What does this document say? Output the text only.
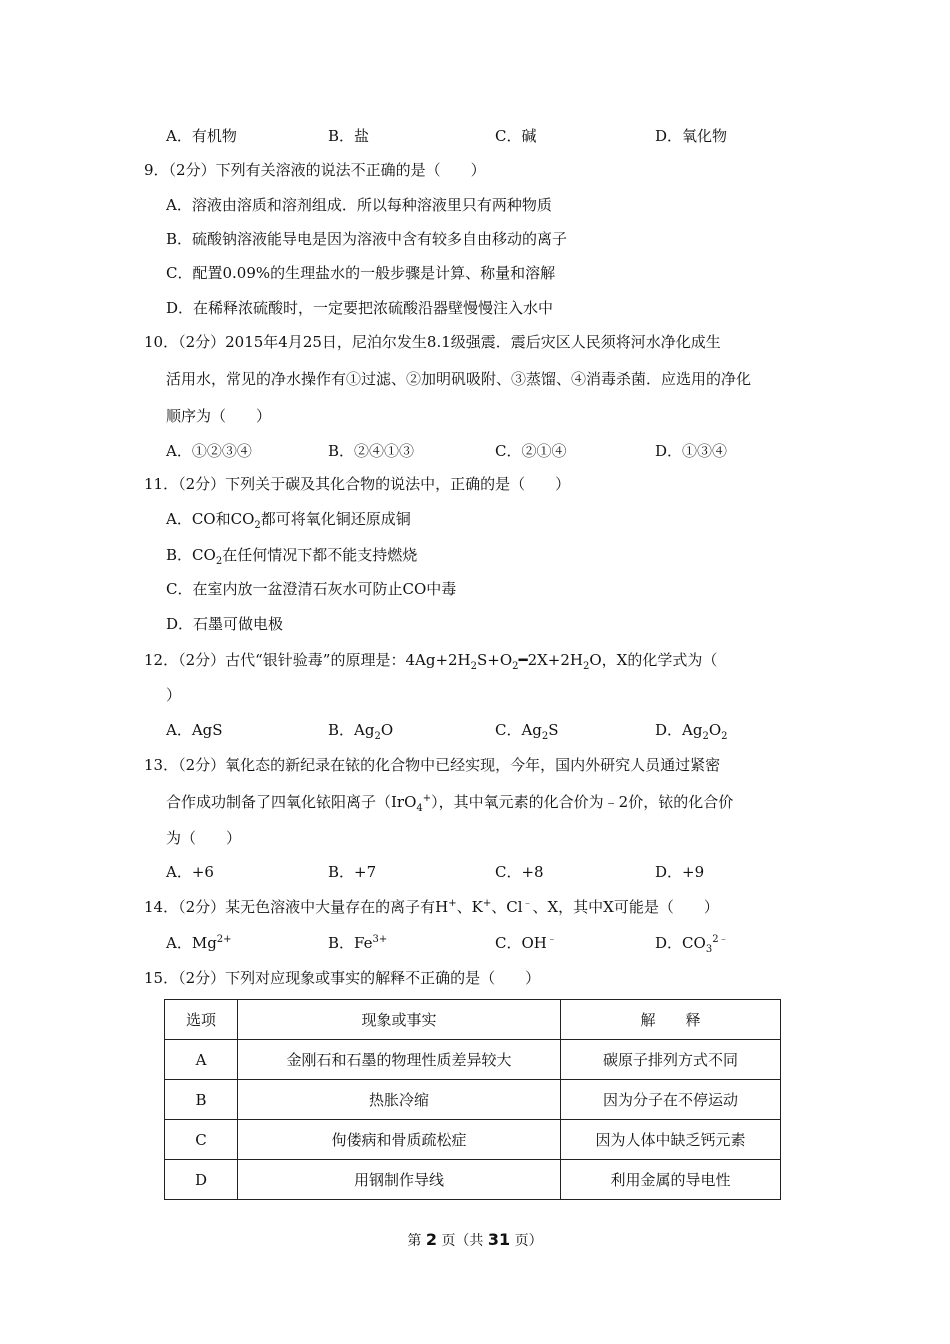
A．有机物	B．盐	C．碱	D．氧化物
9．（2分）下列有关溶液的说法不正确的是（　　）
A．溶液由溶质和溶剂组成．所以每种溶液里只有两种物质
B．硫酸钠溶液能导电是因为溶液中含有较多自由移动的离子
C．配置0.09%的生理盐水的一般步骤是计算、称量和溶解
D．在稀释浓硫酸时，一定要把浓硫酸沿器壁慢慢注入水中
10．（2分）2015年4月25日，尼泊尔发生8.1级强震．震后灾区人民须将河水净化成生
活用水，常见的净水操作有①过滤、②加明矾吸附、③蒸馏、④消毒杀菌．应选用的净化
顺序为（　　）
A．①②③④	B．②④①③	C．②①④	D．①③④
11．（2分）下列关于碳及其化合物的说法中，正确的是（　　）
A．CO和$CO_2$都可将氧化铜还原成铜
B．$CO_2$在任何情况下都不能支持燃烧
C．在室内放一盆澄清石灰水可防止CO中毒
D．石墨可做电极
12．（2分）古代“银针验毒”的原理是：$4Ag+2H_2S+O_2━2X+2H_2O$，X的化学式为（
）
A．AgS	B．$Ag_2O$	C．$Ag_2S$	D．$Ag_2O_2$
13．（2分）氧化态的新纪录在铱的化合物中已经实现，今年，国内外研究人员通过紧密
合作成功制备了四氧化铱阳离子（IrO$_4$+），其中氧元素的化合价为﹣2价，铱的化合价
为（　　）
A．+6	B．+7	C．+8	D．+9
14．（2分）某无色溶液中大量存在的离子有H+、K+、Cl﹣、X，其中X可能是（　　）
A．$Mg^{2+}$	B．$Fe^{3+}$	C．OH﹣	D．$CO_3^{2﹣}$
15．（2分）下列对应现象或事实的解释不正确的是（　　）
选项	现象或事实	解　　释
A	金刚石和石墨的物理性质差异较大	碳原子排列方式不同
B	热胀冷缩	因为分子在不停运动
C	佝偻病和骨质疏松症	因为人体中缺乏钙元素
D	用钢制作导线	利用金属的导电性
第 2 页（共 31 页）
